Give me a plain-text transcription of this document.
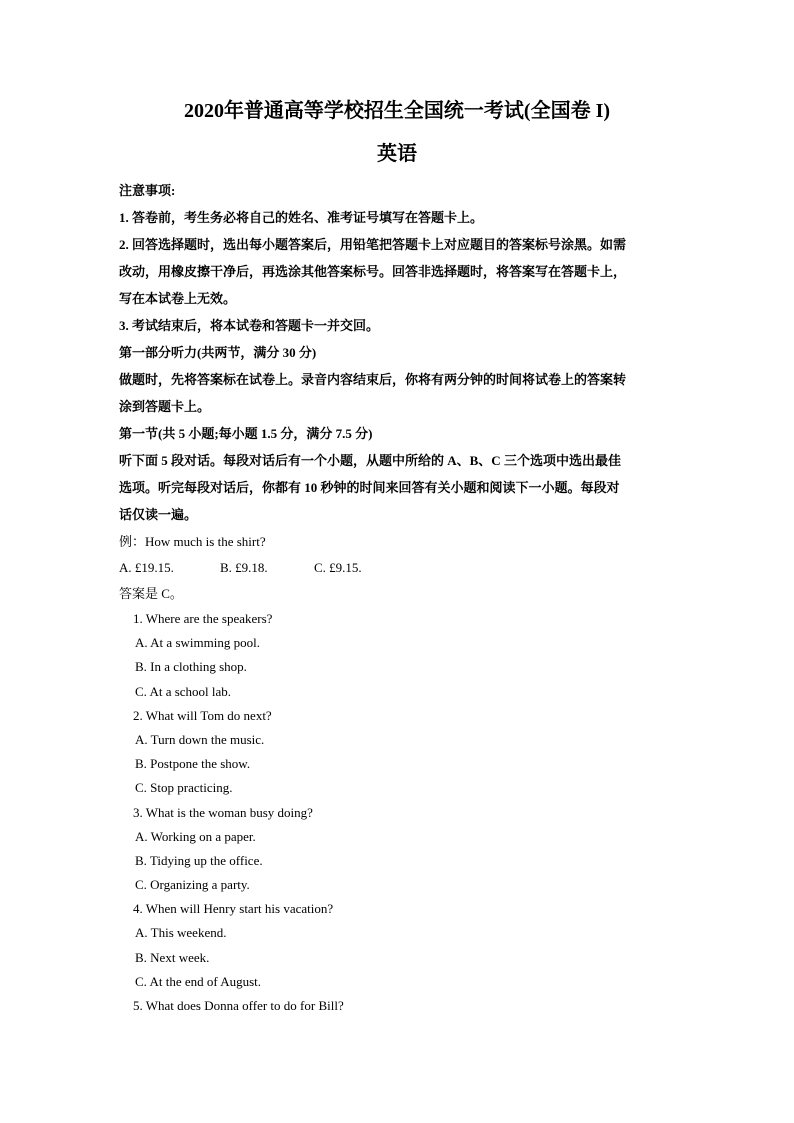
2020年普通高等学校招生全国统一考试(全国卷 I)
英语
注意事项:
1. 答卷前，考生务必将自己的姓名、准考证号填写在答题卡上。
2. 回答选择题时，选出每小题答案后，用铅笔把答题卡上对应题目的答案标号涂黑。如需
改动，用橡皮擦干净后，再选涂其他答案标号。回答非选择题时，将答案写在答题卡上，
写在本试卷上无效。
3. 考试结束后，将本试卷和答题卡一并交回。
第一部分听力(共两节，满分 30 分)
做题时，先将答案标在试卷上。录音内容结束后，你将有两分钟的时间将试卷上的答案转
涂到答题卡上。
第一节(共 5 小题;每小题 1.5 分，满分 7.5 分)
听下面 5 段对话。每段对话后有一个小题，从题中所给的 A、B、C 三个选项中选出最佳
选项。听完每段对话后，你都有 10 秒钟的时间来回答有关小题和阅读下一小题。每段对
话仅读一遍。
例：How much is the shirt?
A. £19.15.	B. £9.18.	C. £9.15.
答案是 C。
1. Where are the speakers?
A. At a swimming pool.
B. In a clothing shop.
C. At a school lab.
2. What will Tom do next?
A. Turn down the music.
B. Postpone the show.
C. Stop practicing.
3. What is the woman busy doing?
A. Working on a paper.
B. Tidying up the office.
C. Organizing a party.
4. When will Henry start his vacation?
A. This weekend.
B. Next week.
C. At the end of August.
5. What does Donna offer to do for Bill?
